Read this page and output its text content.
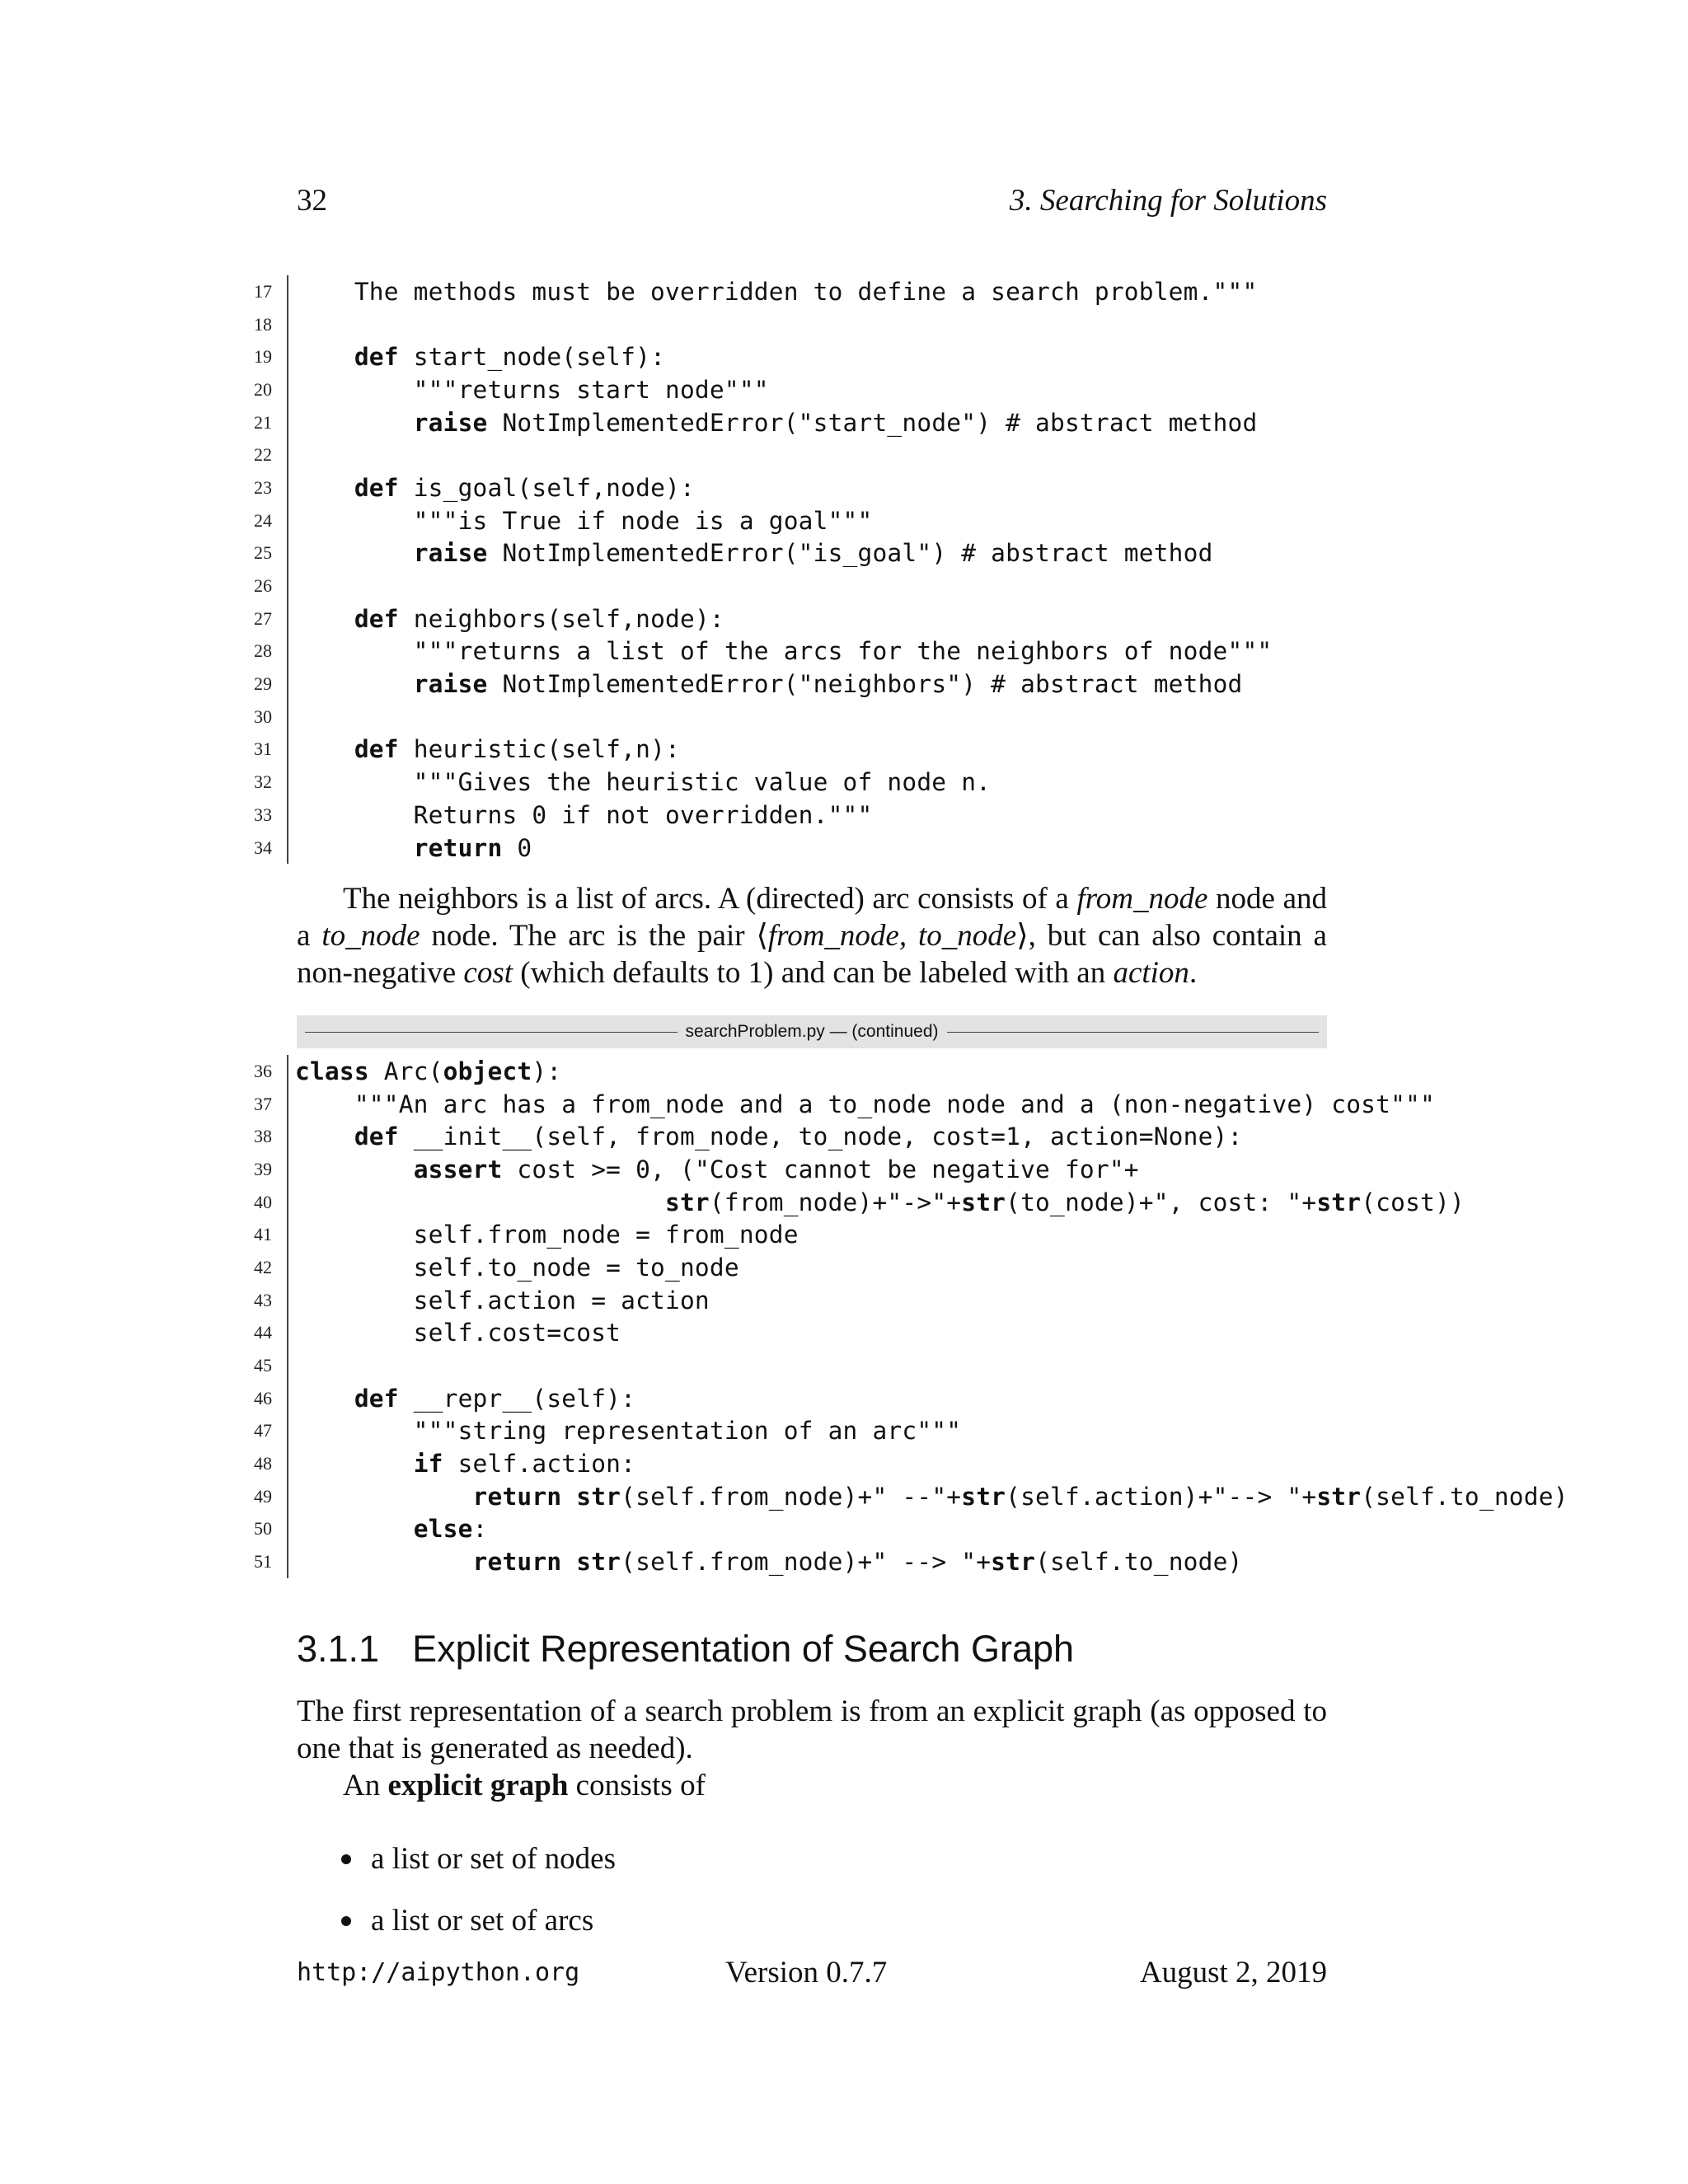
32	3. Searching for Solutions
17 The methods must be overridden to define a search problem."""
18
19	def start_node(self):
20 """returns start node"""
21	raise NotImplementedError("start_node") # abstract method
22
23	def is_goal(self,node):
24 """is True if node is a goal"""
25	raise NotImplementedError("is_goal") # abstract method
26
27	def neighbors(self,node):
28 """returns a list of the arcs for the neighbors of node"""
29	raise NotImplementedError("neighbors") # abstract method
30
31	def heuristic(self,n):
32 """Gives the heuristic value of node n.
33 Returns 0 if not overridden."""
34	return 0

The neighbors is a list of arcs. A (directed) arc consists of a from_node node and a to_node node. The arc is the pair ⟨from_node, to_node⟩, but can also contain a non-negative cost (which defaults to 1) and can be labeled with an action.

searchProblem.py — (continued)
36 class Arc(object):
37 """An arc has a from_node and a to_node node and a (non-negative) cost"""
38	def __init__(self, from_node, to_node, cost=1, action=None):
39	assert cost >= 0, ("Cost cannot be negative for"+
40	str(from_node)+"->"+str(to_node)+", cost: "+str(cost))
41 self.from_node = from_node
42 self.to_node = to_node
43 self.action = action
44 self.cost=cost
45
46	def __repr__(self):
47 """string representation of an arc"""
48	if self.action:
49	return str(self.from_node)+" --"+str(self.action)+"--> "+str(self.to_node)
50	else:
51	return str(self.from_node)+" --> "+str(self.to_node)
3.1.1 Explicit Representation of Search Graph

The first representation of a search problem is from an explicit graph (as opposed to one that is generated as needed).

An explicit graph consists of

a list or set of nodes
a list or set of arcs
http://aipython.org	Version 0.7.7	August 2, 2019
